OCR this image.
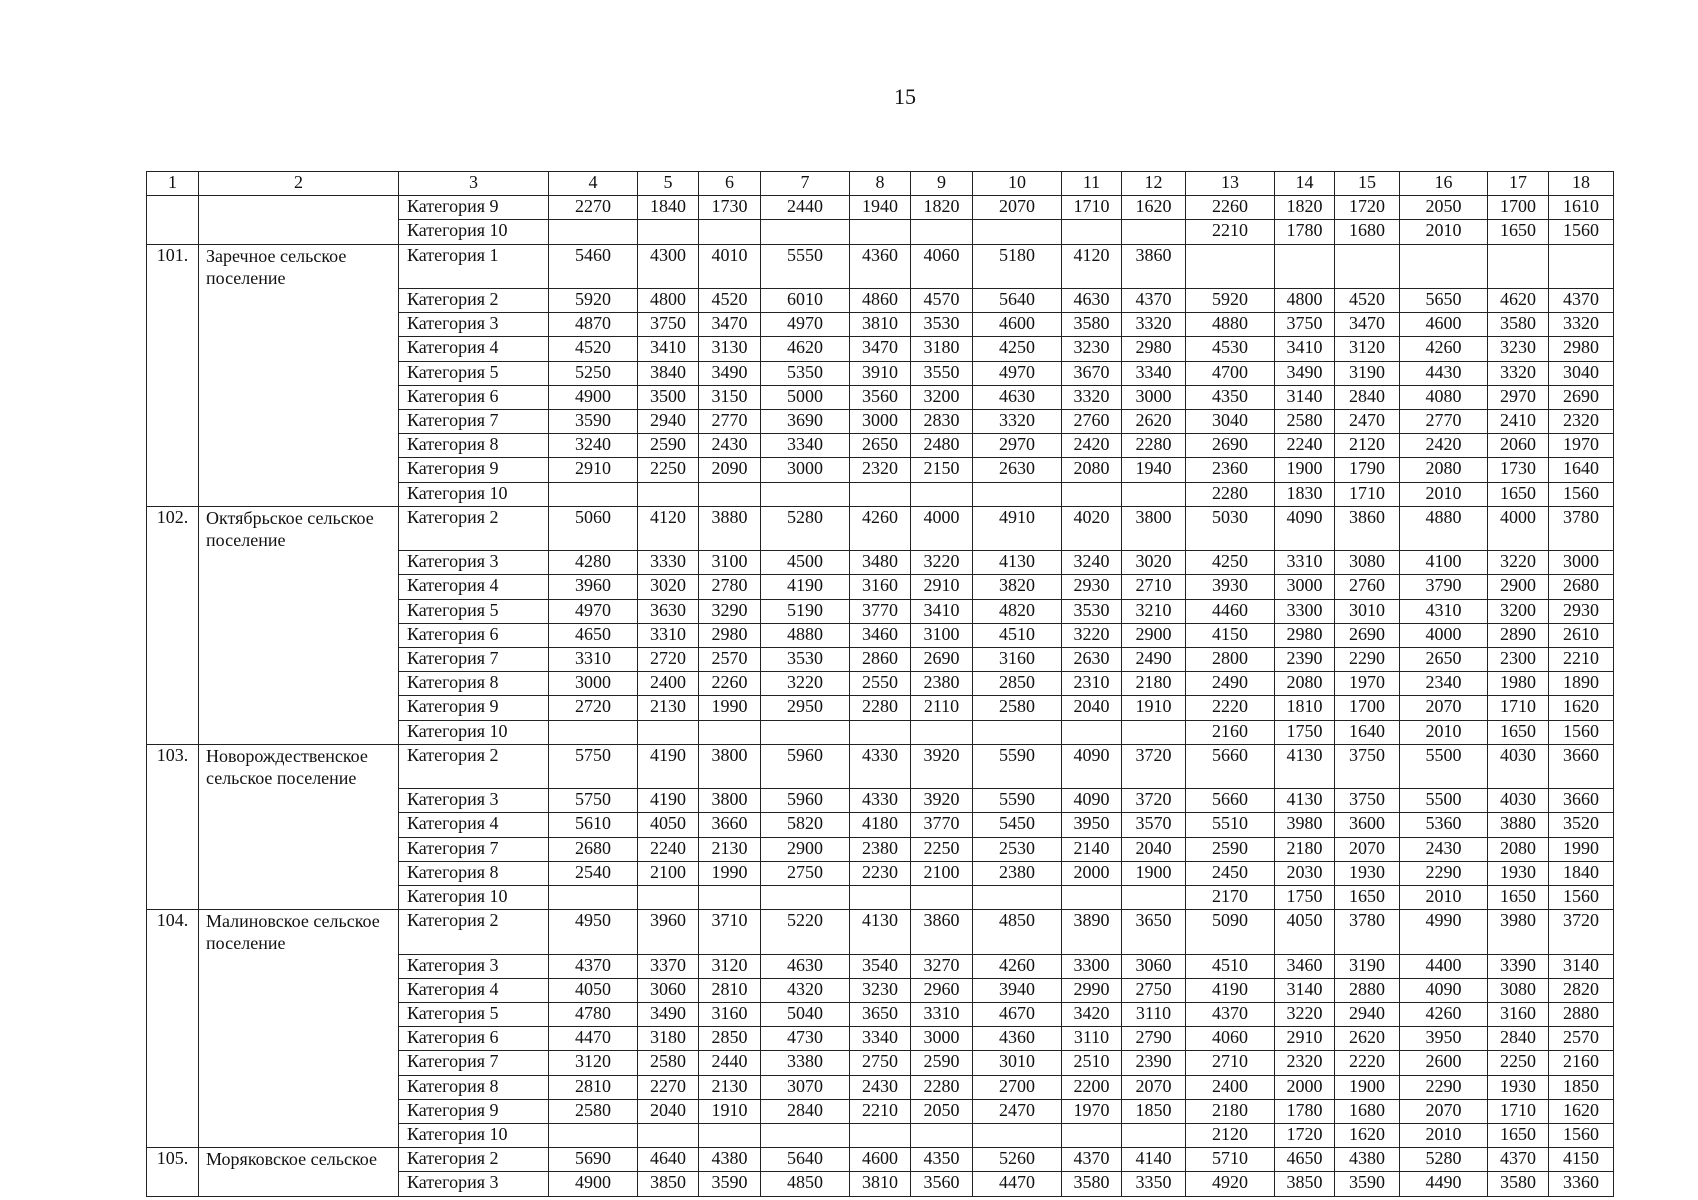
15
1	2	3	4	5	6	7	8	9	10	11	12	13	14	15	16	17	18
		Категория 9	2270	1840	1730	2440	1940	1820	2070	1710	1620	2260	1820	1720	2050	1700	1610
		Категория 10										2210	1780	1680	2010	1650	1560
101.	Заречное сельское поселение	Категория 1	5460	4300	4010	5550	4360	4060	5180	4120	3860						
		Категория 2	5920	4800	4520	6010	4860	4570	5640	4630	4370	5920	4800	4520	5650	4620	4370
		Категория 3	4870	3750	3470	4970	3810	3530	4600	3580	3320	4880	3750	3470	4600	3580	3320
		Категория 4	4520	3410	3130	4620	3470	3180	4250	3230	2980	4530	3410	3120	4260	3230	2980
		Категория 5	5250	3840	3490	5350	3910	3550	4970	3670	3340	4700	3490	3190	4430	3320	3040
		Категория 6	4900	3500	3150	5000	3560	3200	4630	3320	3000	4350	3140	2840	4080	2970	2690
		Категория 7	3590	2940	2770	3690	3000	2830	3320	2760	2620	3040	2580	2470	2770	2410	2320
		Категория 8	3240	2590	2430	3340	2650	2480	2970	2420	2280	2690	2240	2120	2420	2060	1970
		Категория 9	2910	2250	2090	3000	2320	2150	2630	2080	1940	2360	1900	1790	2080	1730	1640
		Категория 10										2280	1830	1710	2010	1650	1560
102.	Октябрьское сельское поселение	Категория 2	5060	4120	3880	5280	4260	4000	4910	4020	3800	5030	4090	3860	4880	4000	3780
		Категория 3	4280	3330	3100	4500	3480	3220	4130	3240	3020	4250	3310	3080	4100	3220	3000
		Категория 4	3960	3020	2780	4190	3160	2910	3820	2930	2710	3930	3000	2760	3790	2900	2680
		Категория 5	4970	3630	3290	5190	3770	3410	4820	3530	3210	4460	3300	3010	4310	3200	2930
		Категория 6	4650	3310	2980	4880	3460	3100	4510	3220	2900	4150	2980	2690	4000	2890	2610
		Категория 7	3310	2720	2570	3530	2860	2690	3160	2630	2490	2800	2390	2290	2650	2300	2210
		Категория 8	3000	2400	2260	3220	2550	2380	2850	2310	2180	2490	2080	1970	2340	1980	1890
		Категория 9	2720	2130	1990	2950	2280	2110	2580	2040	1910	2220	1810	1700	2070	1710	1620
		Категория 10										2160	1750	1640	2010	1650	1560
103.	Новорождественское сельское поселение	Категория 2	5750	4190	3800	5960	4330	3920	5590	4090	3720	5660	4130	3750	5500	4030	3660
		Категория 3	5750	4190	3800	5960	4330	3920	5590	4090	3720	5660	4130	3750	5500	4030	3660
		Категория 4	5610	4050	3660	5820	4180	3770	5450	3950	3570	5510	3980	3600	5360	3880	3520
		Категория 7	2680	2240	2130	2900	2380	2250	2530	2140	2040	2590	2180	2070	2430	2080	1990
		Категория 8	2540	2100	1990	2750	2230	2100	2380	2000	1900	2450	2030	1930	2290	1930	1840
		Категория 10										2170	1750	1650	2010	1650	1560
104.	Малиновское сельское поселение	Категория 2	4950	3960	3710	5220	4130	3860	4850	3890	3650	5090	4050	3780	4990	3980	3720
		Категория 3	4370	3370	3120	4630	3540	3270	4260	3300	3060	4510	3460	3190	4400	3390	3140
		Категория 4	4050	3060	2810	4320	3230	2960	3940	2990	2750	4190	3140	2880	4090	3080	2820
		Категория 5	4780	3490	3160	5040	3650	3310	4670	3420	3110	4370	3220	2940	4260	3160	2880
		Категория 6	4470	3180	2850	4730	3340	3000	4360	3110	2790	4060	2910	2620	3950	2840	2570
		Категория 7	3120	2580	2440	3380	2750	2590	3010	2510	2390	2710	2320	2220	2600	2250	2160
		Категория 8	2810	2270	2130	3070	2430	2280	2700	2200	2070	2400	2000	1900	2290	1930	1850
		Категория 9	2580	2040	1910	2840	2210	2050	2470	1970	1850	2180	1780	1680	2070	1710	1620
		Категория 10										2120	1720	1620	2010	1650	1560
105.	Моряковское сельское	Категория 2	5690	4640	4380	5640	4600	4350	5260	4370	4140	5710	4650	4380	5280	4370	4150
		Категория 3	4900	3850	3590	4850	3810	3560	4470	3580	3350	4920	3850	3590	4490	3580	3360
